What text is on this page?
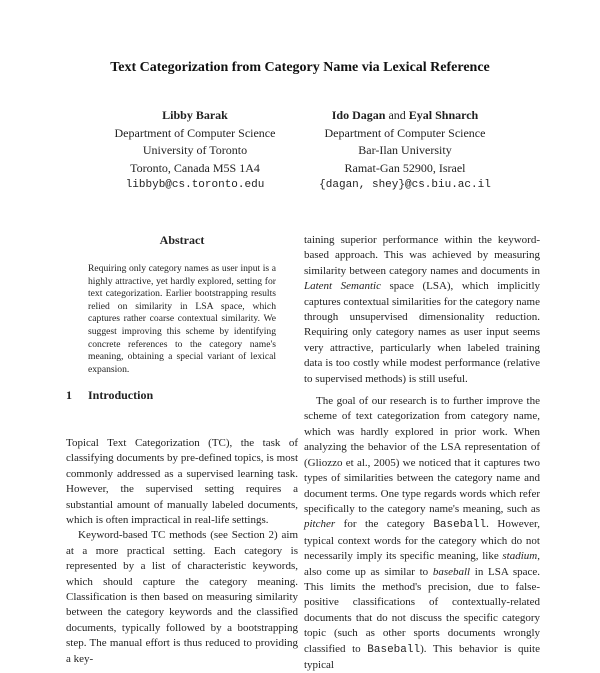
Text Categorization from Category Name via Lexical Reference
Libby Barak
Department of Computer Science
University of Toronto
Toronto, Canada M5S 1A4
libbyb@cs.toronto.edu
Ido Dagan and Eyal Shnarch
Department of Computer Science
Bar-Ilan University
Ramat-Gan 52900, Israel
{dagan, shey}@cs.biu.ac.il
Abstract
Requiring only category names as user input is a highly attractive, yet hardly explored, setting for text categorization. Earlier bootstrapping results relied on similarity in LSA space, which captures rather coarse contextual similarity. We suggest improving this scheme by identifying concrete references to the category name's meaning, obtaining a special variant of lexical expansion.
1 Introduction

Topical Text Categorization (TC), the task of classifying documents by pre-defined topics, is most commonly addressed as a supervised learning task. However, the supervised setting requires a substantial amount of manually labeled documents, which is often impractical in real-life settings.

Keyword-based TC methods (see Section 2) aim at a more practical setting. Each category is represented by a list of characteristic keywords, which should capture the category meaning. Classification is then based on measuring similarity between the category keywords and the classified documents, typically followed by a bootstrapping step. The manual effort is thus reduced to providing a key-

taining superior performance within the keyword-based approach. This was achieved by measuring similarity between category names and documents in Latent Semantic space (LSA), which implicitly captures contextual similarities for the category name through unsupervised dimensionality reduction. Requiring only category names as user input seems very attractive, particularly when labeled training data is too costly while modest performance (relative to supervised methods) is still useful.

The goal of our research is to further improve the scheme of text categorization from category name, which was hardly explored in prior work. When analyzing the behavior of the LSA representation of (Gliozzo et al., 2005) we noticed that it captures two types of similarities between the category name and document terms. One type regards words which refer specifically to the category name's meaning, such as pitcher for the category Baseball. However, typical context words for the category which do not necessarily imply its specific meaning, like stadium, also come up as similar to baseball in LSA space. This limits the method's precision, due to false-positive classifications of contextually-related documents that do not discuss the specific category topic (such as other sports documents wrongly classified to Baseball). This behavior is quite typical
